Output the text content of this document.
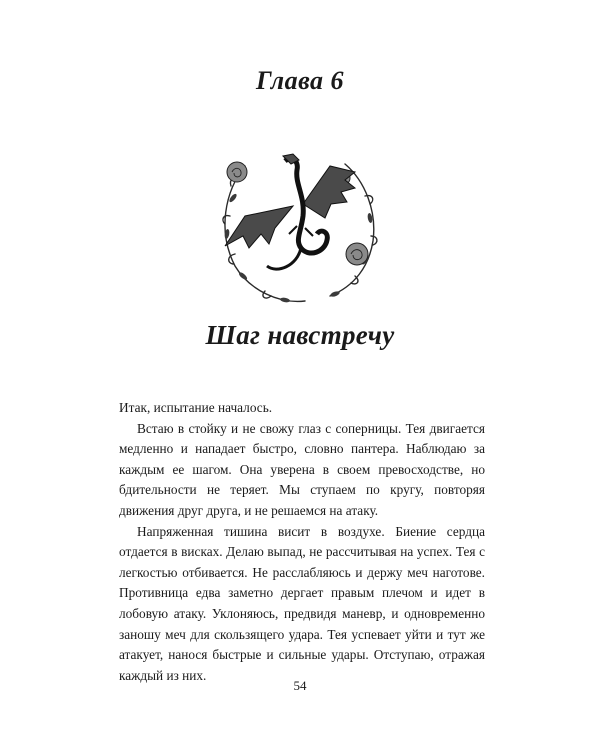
Глава 6
Шаг навстречу

Итак, испытание началось.

Встаю в стойку и не свожу глаз с соперницы. Тея двигается медленно и нападает быстро, словно пантера. Наблюдаю за каждым ее шагом. Она уверена в своем превосходстве, но бдительности не теряет. Мы ступаем по кругу, повторяя движения друг друга, и не решаемся на атаку.

Напряженная тишина висит в воздухе. Биение сердца отдается в висках. Делаю выпад, не рассчитывая на успех. Тея с легкостью отбивается. Не расслабляюсь и держу меч наготове. Противница едва заметно дергает правым плечом и идет в лобовую атаку. Уклоняюсь, предвидя маневр, и одновременно заношу меч для скользящего удара. Тея успевает уйти и тут же атакует, нанося быстрые и сильные удары. Отступаю, отражая каждый из них.

54
